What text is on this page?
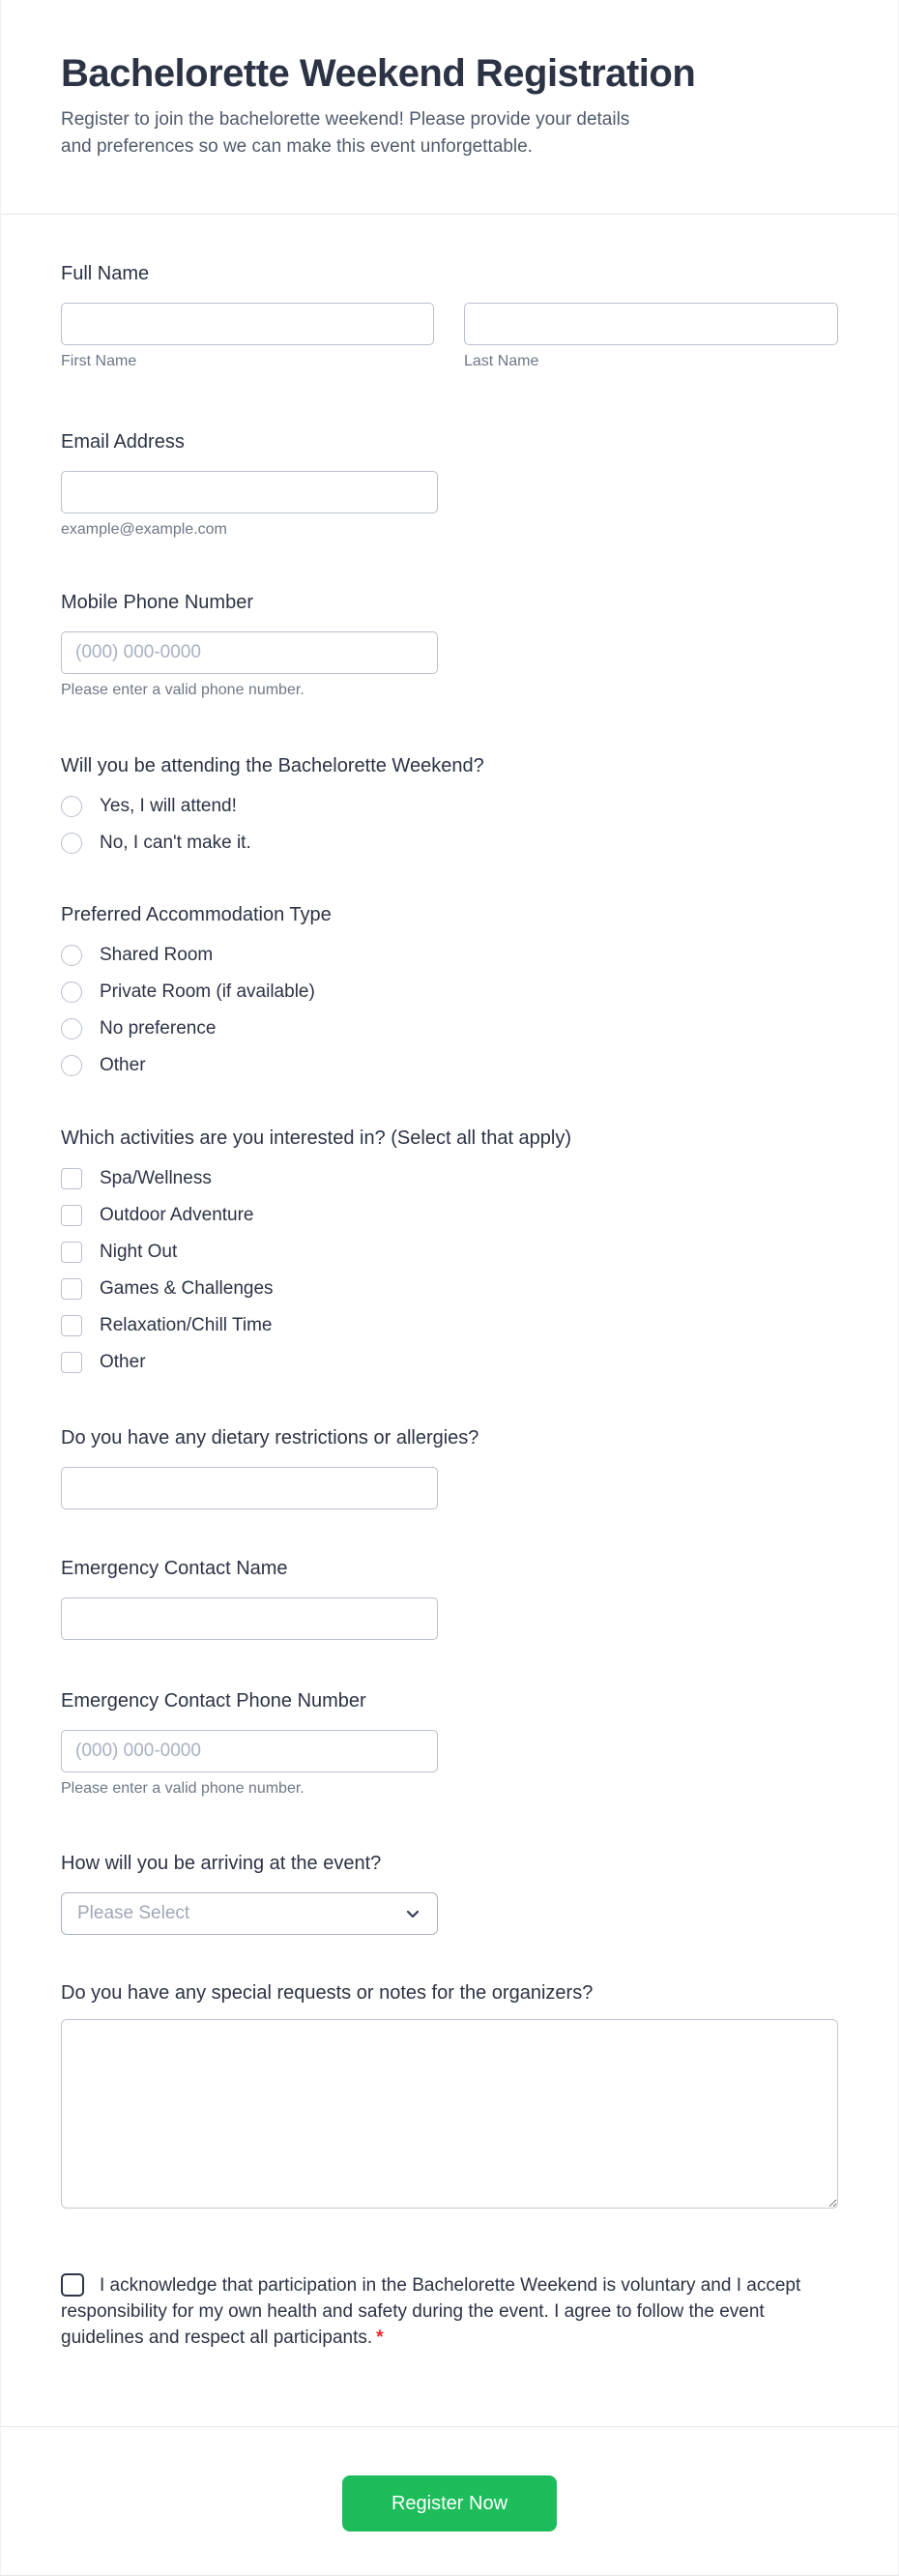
Bachelorette Weekend Registration

Register to join the bachelorette weekend! Please provide your details and preferences so we can make this event unforgettable.

Full Name
First Name	Last Name
Email Address
example@example.com
Mobile Phone Number
(000) 000-0000
Please enter a valid phone number.
Will you be attending the Bachelorette Weekend?
Yes, I will attend!
No, I can't make it.
Preferred Accommodation Type
Shared Room
Private Room (if available)
No preference
Other
Which activities are you interested in? (Select all that apply)
Spa/Wellness
Outdoor Adventure
Night Out
Games & Challenges
Relaxation/Chill Time
Other
Do you have any dietary restrictions or allergies?
Emergency Contact Name
Emergency Contact Phone Number
(000) 000-0000
Please enter a valid phone number.
How will you be arriving at the event?
Please Select
Do you have any special requests or notes for the organizers?
I acknowledge that participation in the Bachelorette Weekend is voluntary and I accept responsibility for my own health and safety during the event. I agree to follow the event guidelines and respect all participants. *
Register Now
